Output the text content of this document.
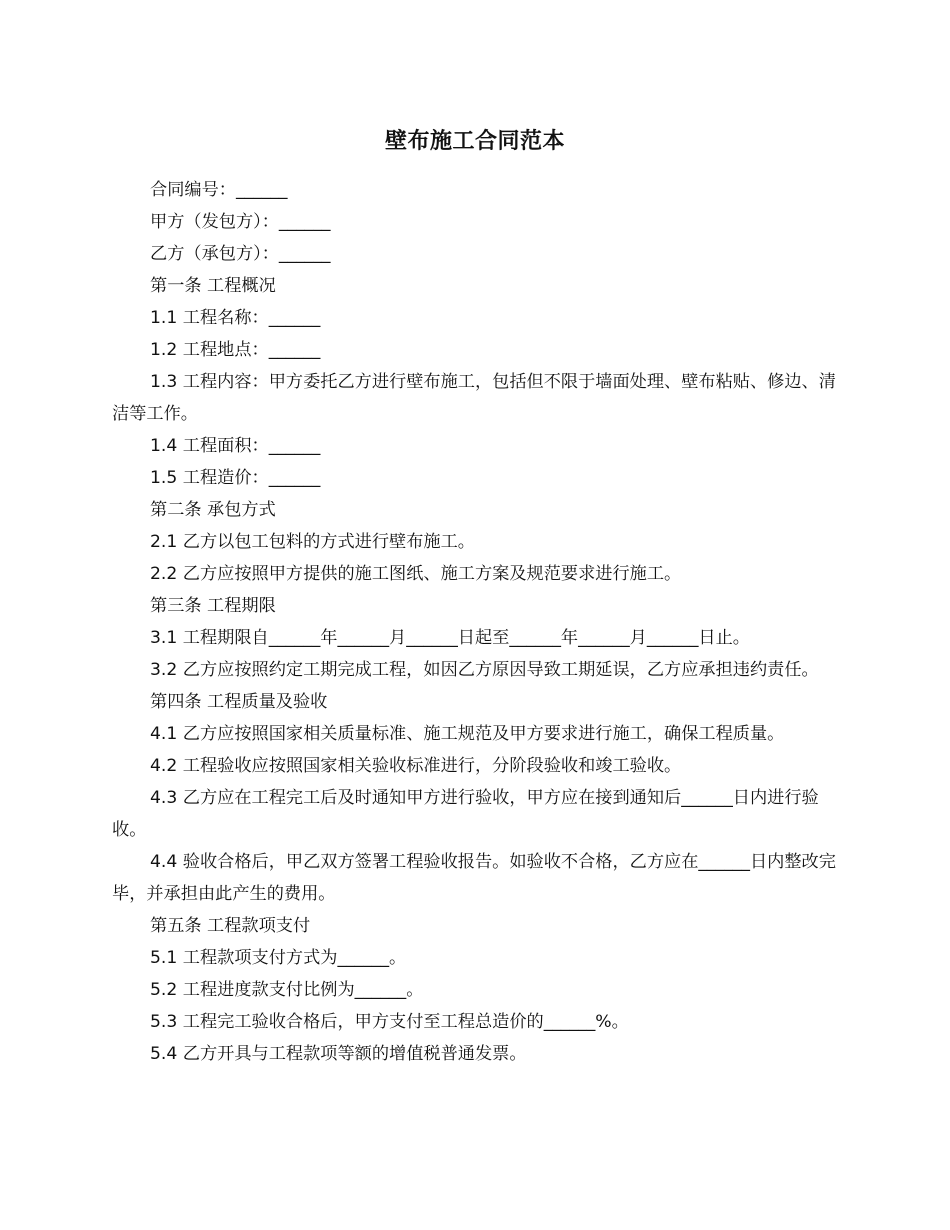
壁布施工合同范本

合同编号：______

甲方（发包方）：______

乙方（承包方）：______

第一条 工程概况

1.1 工程名称：______

1.2 工程地点：______

1.3 工程内容：甲方委托乙方进行壁布施工，包括但不限于墙面处理、壁布粘贴、修边、清洁等工作。

1.4 工程面积：______

1.5 工程造价：______

第二条 承包方式

2.1 乙方以包工包料的方式进行壁布施工。

2.2 乙方应按照甲方提供的施工图纸、施工方案及规范要求进行施工。

第三条 工程期限

3.1 工程期限自______年______月______日起至______年______月______日止。

3.2 乙方应按照约定工期完成工程，如因乙方原因导致工期延误，乙方应承担违约责任。

第四条 工程质量及验收

4.1 乙方应按照国家相关质量标准、施工规范及甲方要求进行施工，确保工程质量。

4.2 工程验收应按照国家相关验收标准进行，分阶段验收和竣工验收。

4.3 乙方应在工程完工后及时通知甲方进行验收，甲方应在接到通知后______日内进行验收。

4.4 验收合格后，甲乙双方签署工程验收报告。如验收不合格，乙方应在______日内整改完毕，并承担由此产生的费用。

第五条 工程款项支付

5.1 工程款项支付方式为______。

5.2 工程进度款支付比例为______。

5.3 工程完工验收合格后，甲方支付至工程总造价的______%。

5.4 乙方开具与工程款项等额的增值税普通发票。
